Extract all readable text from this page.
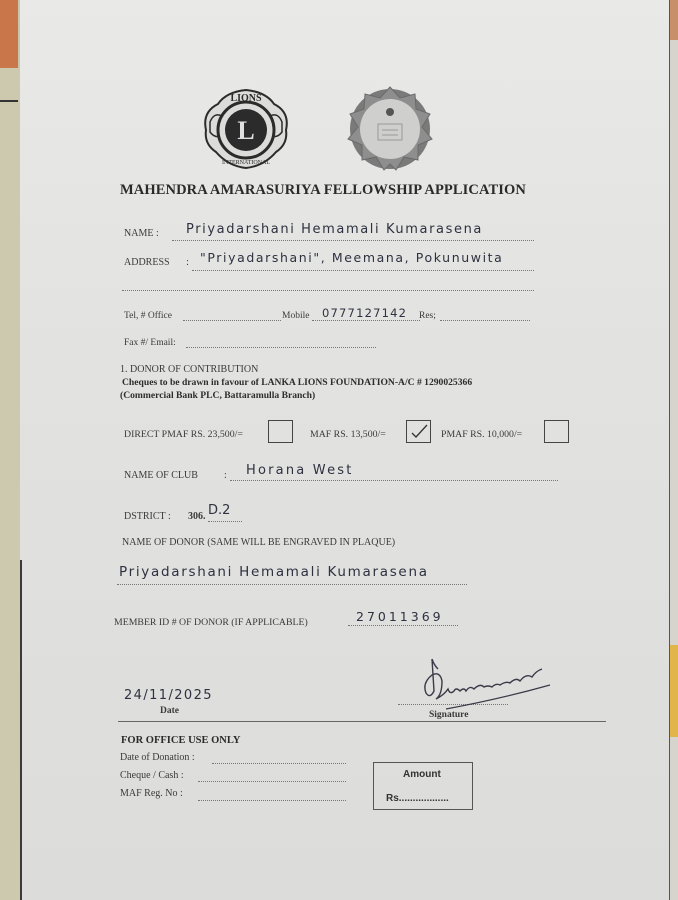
L
LIONS
INTERNATIONAL
MAHENDRA AMARASURIYA FELLOWSHIP APPLICATION
NAME : Priyadarshani Hemamali Kumarasena
ADDRESS : "Priyadarshani", Meemana, Pokunuwita
Tel, # Office	Mobile 0777127142 Res;
Fax #/ Email:
1. DONOR OF CONTRIBUTION
Cheques to be drawn in favour of LANKA LIONS FOUNDATION-A/C # 1290025366
(Commercial Bank PLC, Battaramulla Branch)
DIRECT PMAF RS. 23,500/=	MAF RS. 13,500/=	PMAF RS. 10,000/=
NAME OF CLUB	: Horana West
DSTRICT : 306. D.2
NAME OF DONOR (SAME WILL BE ENGRAVED IN PLAQUE)
Priyadarshani Hemamali Kumarasena
MEMBER ID # OF DONOR (IF APPLICABLE)	27011369
24/11/2025
Date	Signature
FOR OFFICE USE ONLY
Date of Donation :
Cheque / Cash :
MAF Reg. No :
Amount
Rs..................
